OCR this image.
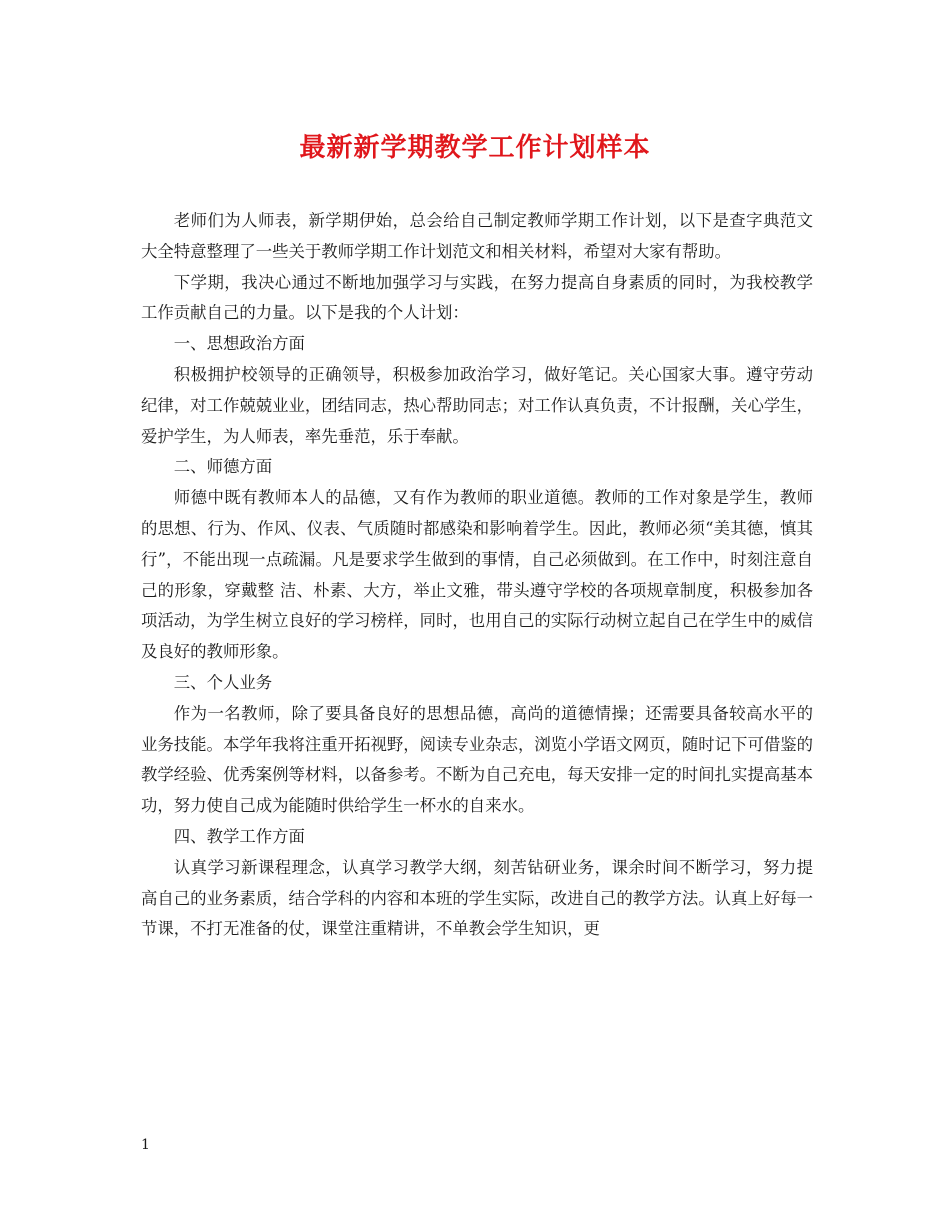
最新新学期教学工作计划样本

老师们为人师表，新学期伊始，总会给自己制定教师学期工作计划，以下是查字典范文大全特意整理了一些关于教师学期工作计划范文和相关材料，希望对大家有帮助。

下学期，我决心通过不断地加强学习与实践，在努力提高自身素质的同时，为我校教学工作贡献自己的力量。以下是我的个人计划：

一、思想政治方面

积极拥护校领导的正确领导，积极参加政治学习，做好笔记。关心国家大事。遵守劳动纪律，对工作兢兢业业，团结同志，热心帮助同志；对工作认真负责，不计报酬，关心学生，爱护学生，为人师表，率先垂范，乐于奉献。

二、师德方面

师德中既有教师本人的品德，又有作为教师的职业道德。教师的工作对象是学生，教师的思想、行为、作风、仪表、气质随时都感染和影响着学生。因此，教师必须“美其德，慎其行”，不能出现一点疏漏。凡是要求学生做到的事情，自己必须做到。在工作中，时刻注意自己的形象，穿戴整 洁、朴素、大方，举止文雅，带头遵守学校的各项规章制度，积极参加各项活动，为学生树立良好的学习榜样，同时，也用自己的实际行动树立起自己在学生中的威信及良好的教师形象。

三、个人业务

作为一名教师，除了要具备良好的思想品德，高尚的道德情操；还需要具备较高水平的业务技能。本学年我将注重开拓视野，阅读专业杂志，浏览小学语文网页，随时记下可借鉴的教学经验、优秀案例等材料，以备参考。不断为自己充电，每天安排一定的时间扎实提高基本功，努力使自己成为能随时供给学生一杯水的自来水。

四、教学工作方面

认真学习新课程理念，认真学习教学大纲，刻苦钻研业务，课余时间不断学习，努力提高自己的业务素质，结合学科的内容和本班的学生实际，改进自己的教学方法。认真上好每一节课，不打无准备的仗，课堂注重精讲，不单教会学生知识，更

1
